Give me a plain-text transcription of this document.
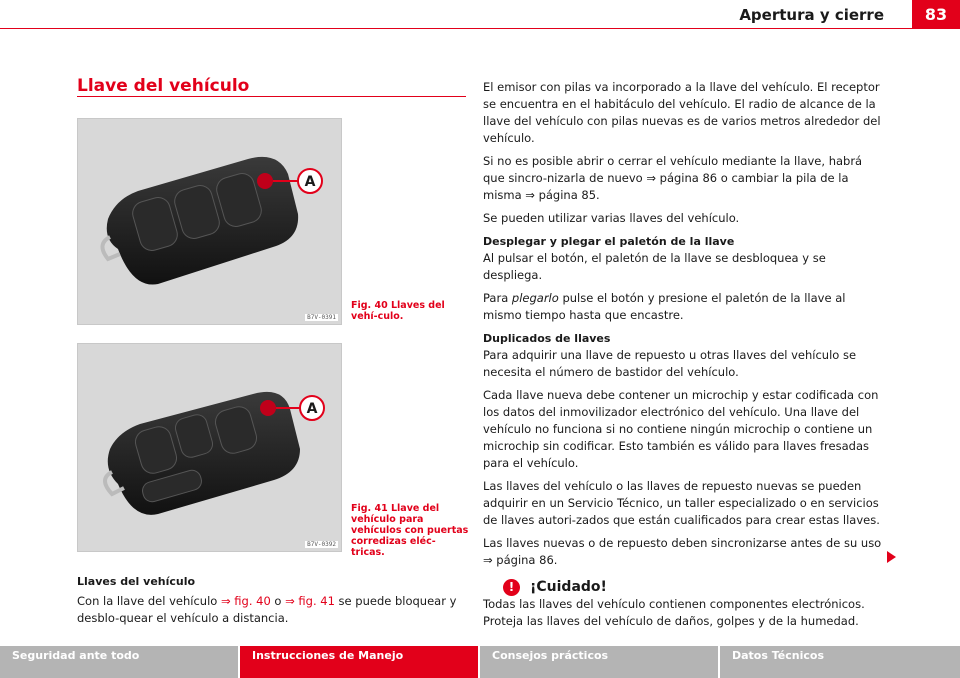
Apertura y cierre	83
Llave del vehículo
A
B7V-0391
Fig. 40 Llaves del vehí-culo.
A
B7V-0392
Fig. 41 Llave del vehículo para vehículos con puertas corredizas eléc-tricas.
Llaves del vehículo
Con la llave del vehículo ⇒ fig. 40 o ⇒ fig. 41 se puede bloquear y desblo-quear el vehículo a distancia.

El emisor con pilas va incorporado a la llave del vehículo. El receptor se encuentra en el habitáculo del vehículo. El radio de alcance de la llave del vehículo con pilas nuevas es de varios metros alrededor del vehículo.

Si no es posible abrir o cerrar el vehículo mediante la llave, habrá que sincro-nizarla de nuevo ⇒ página 86 o cambiar la pila de la misma ⇒ página 85.

Se pueden utilizar varias llaves del vehículo.

Desplegar y plegar el paletón de la llave

Al pulsar el botón, el paletón de la llave se desbloquea y se despliega.

Para plegarlo pulse el botón y presione el paletón de la llave al mismo tiempo hasta que encastre.

Duplicados de llaves

Para adquirir una llave de repuesto u otras llaves del vehículo se necesita el número de bastidor del vehículo.

Cada llave nueva debe contener un microchip y estar codificada con los datos del inmovilizador electrónico del vehículo. Una llave del vehículo no funciona si no contiene ningún microchip o contiene un microchip sin codificar. Esto también es válido para llaves fresadas para el vehículo.

Las llaves del vehículo o las llaves de repuesto nuevas se pueden adquirir en un Servicio Técnico, un taller especializado o en servicios de llaves autori-zados que están cualificados para crear estas llaves.

Las llaves nuevas o de repuesto deben sincronizarse antes de su uso ⇒ página 86.

!	¡Cuidado!

Todas las llaves del vehículo contienen componentes electrónicos. Proteja las llaves del vehículo de daños, golpes y de la humedad.

Seguridad ante todo	Instrucciones de Manejo	Consejos prácticos	Datos Técnicos
